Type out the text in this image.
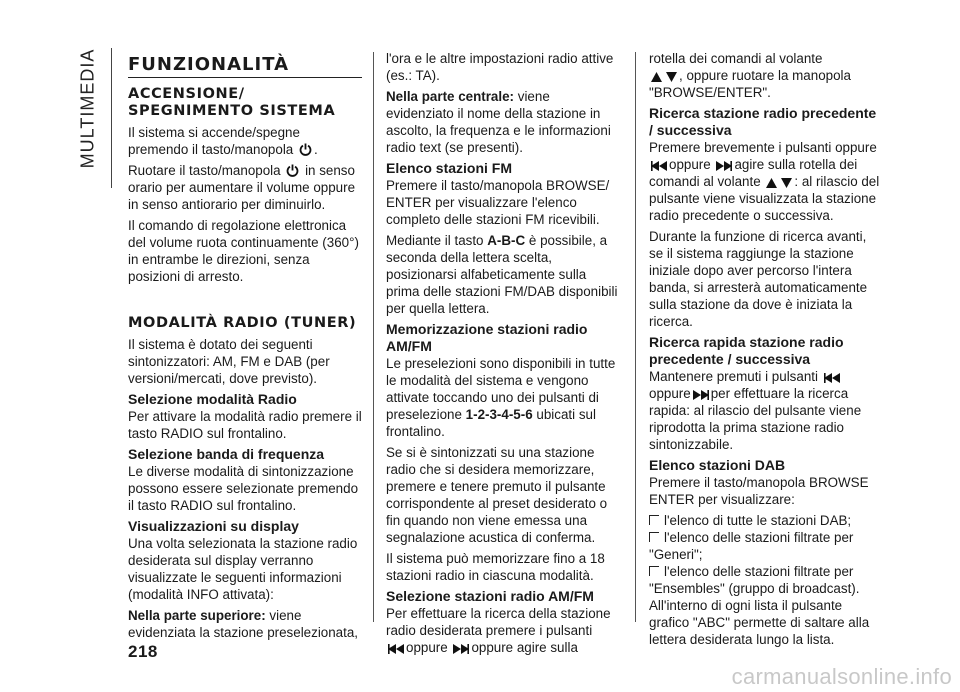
MULTIMEDIA FUNZIONALITÀ
ACCENSIONE/ SPEGNIMENTO SISTEMA

Il sistema si accende/spegne premendo il tasto/manopola .

Ruotare il tasto/manopola in senso orario per aumentare il volume oppure in senso antiorario per diminuirlo.

Il comando di regolazione elettronica del volume ruota continuamente (360°) in entrambe le direzioni, senza posizioni di arresto.

MODALITÀ RADIO (TUNER)

Il sistema è dotato dei seguenti sintonizzatori: AM, FM e DAB (per versioni/mercati, dove previsto).

Selezione modalità Radio

Per attivare la modalità radio premere il tasto RADIO sul frontalino.

Selezione banda di frequenza

Le diverse modalità di sintonizzazione possono essere selezionate premendo il tasto RADIO sul frontalino.

Visualizzazioni su display

Una volta selezionata la stazione radio desiderata sul display verranno visualizzate le seguenti informazioni (modalità INFO attivata):

Nella parte superiore: viene evidenziata la stazione preselezionata,

l'ora e le altre impostazioni radio attive (es.: TA).

Nella parte centrale: viene evidenziato il nome della stazione in ascolto, la frequenza e le informazioni radio text (se presenti).

Elenco stazioni FM

Premere il tasto/manopola BROWSE/ ENTER per visualizzare l'elenco completo delle stazioni FM ricevibili.

Mediante il tasto A-B-C è possibile, a seconda della lettera scelta, posizionarsi alfabeticamente sulla prima delle stazioni FM/DAB disponibili per quella lettera.

Memorizzazione stazioni radio AM/FM

Le preselezioni sono disponibili in tutte le modalità del sistema e vengono attivate toccando uno dei pulsanti di preselezione 1-2-3-4-5-6 ubicati sul frontalino.

Se si è sintonizzati su una stazione radio che si desidera memorizzare, premere e tenere premuto il pulsante corrispondente al preset desiderato o fin quando non viene emessa una segnalazione acustica di conferma.

Il sistema può memorizzare fino a 18 stazioni radio in ciascuna modalità.

Selezione stazioni radio AM/FM

Per effettuare la ricerca della stazione radio desiderata premere i pulsanti
oppure oppure agire sulla

rotella dei comandi al volante
, oppure ruotare la manopola "BROWSE/ENTER".

Ricerca stazione radio precedente / successiva

Premere brevemente i pulsanti oppure
oppure agire sulla rotella dei comandi al volante	: al rilascio del pulsante viene visualizzata la stazione radio precedente o successiva.

Durante la funzione di ricerca avanti, se il sistema raggiunge la stazione iniziale dopo aver percorso l'intera banda, si arresterà automaticamente sulla stazione da dove è iniziata la ricerca.

Ricerca rapida stazione radio precedente / successiva

Mantenere premuti i pulsanti
oppure per effettuare la ricerca rapida: al rilascio del pulsante viene riprodotta la prima stazione radio sintonizzabile.

Elenco stazioni DAB

Premere il tasto/manopola BROWSE ENTER per visualizzare:

l'elenco di tutte le stazioni DAB;
l'elenco delle stazioni filtrate per "Generi";
l'elenco delle stazioni filtrate per "Ensembles" (gruppo di broadcast).

All'interno di ogni lista il pulsante grafico "ABC" permette di saltare alla lettera desiderata lungo la lista.

218
carmanualsonline.info
